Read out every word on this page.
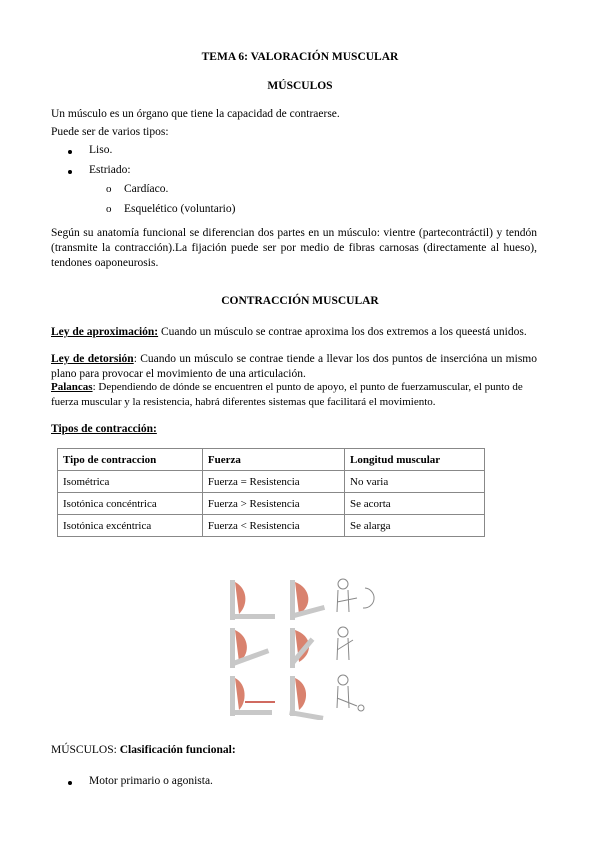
TEMA 6: VALORACIÓN MUSCULAR
MÚSCULOS
Un músculo es un órgano que tiene la capacidad de contraerse.
Puede ser de varios tipos:
Liso.
Estriado:
o Cardíaco.
o Esquelético (voluntario)
Según su anatomía funcional se diferencian dos partes en un músculo: vientre (partecontráctil) y tendón (transmite la contracción).La fijación puede ser por medio de fibras carnosas (directamente al hueso), tendones oaponeurosis.
CONTRACCIÓN MUSCULAR
Ley de aproximación: Cuando un músculo se contrae aproxima los dos extremos a los queestá unidos.
Ley de detorsión: Cuando un músculo se contrae tiende a llevar los dos puntos de insercióna un mismo plano para provocar el movimiento de una articulación.
Palancas: Dependiendo de dónde se encuentren el punto de apoyo, el punto de fuerzamuscular, el punto de fuerza muscular y la resistencia, habrá diferentes sistemas que facilitará el movimiento.
Tipos de contracción:
Tipo de contraccion	Fuerza	Longitud muscular
Isométrica	Fuerza = Resistencia	No varia
Isotónica concéntrica	Fuerza > Resistencia	Se acorta
Isotónica excéntrica	Fuerza < Resistencia	Se alarga
MÚSCULOS: Clasificación funcional:
Motor primario o agonista.
